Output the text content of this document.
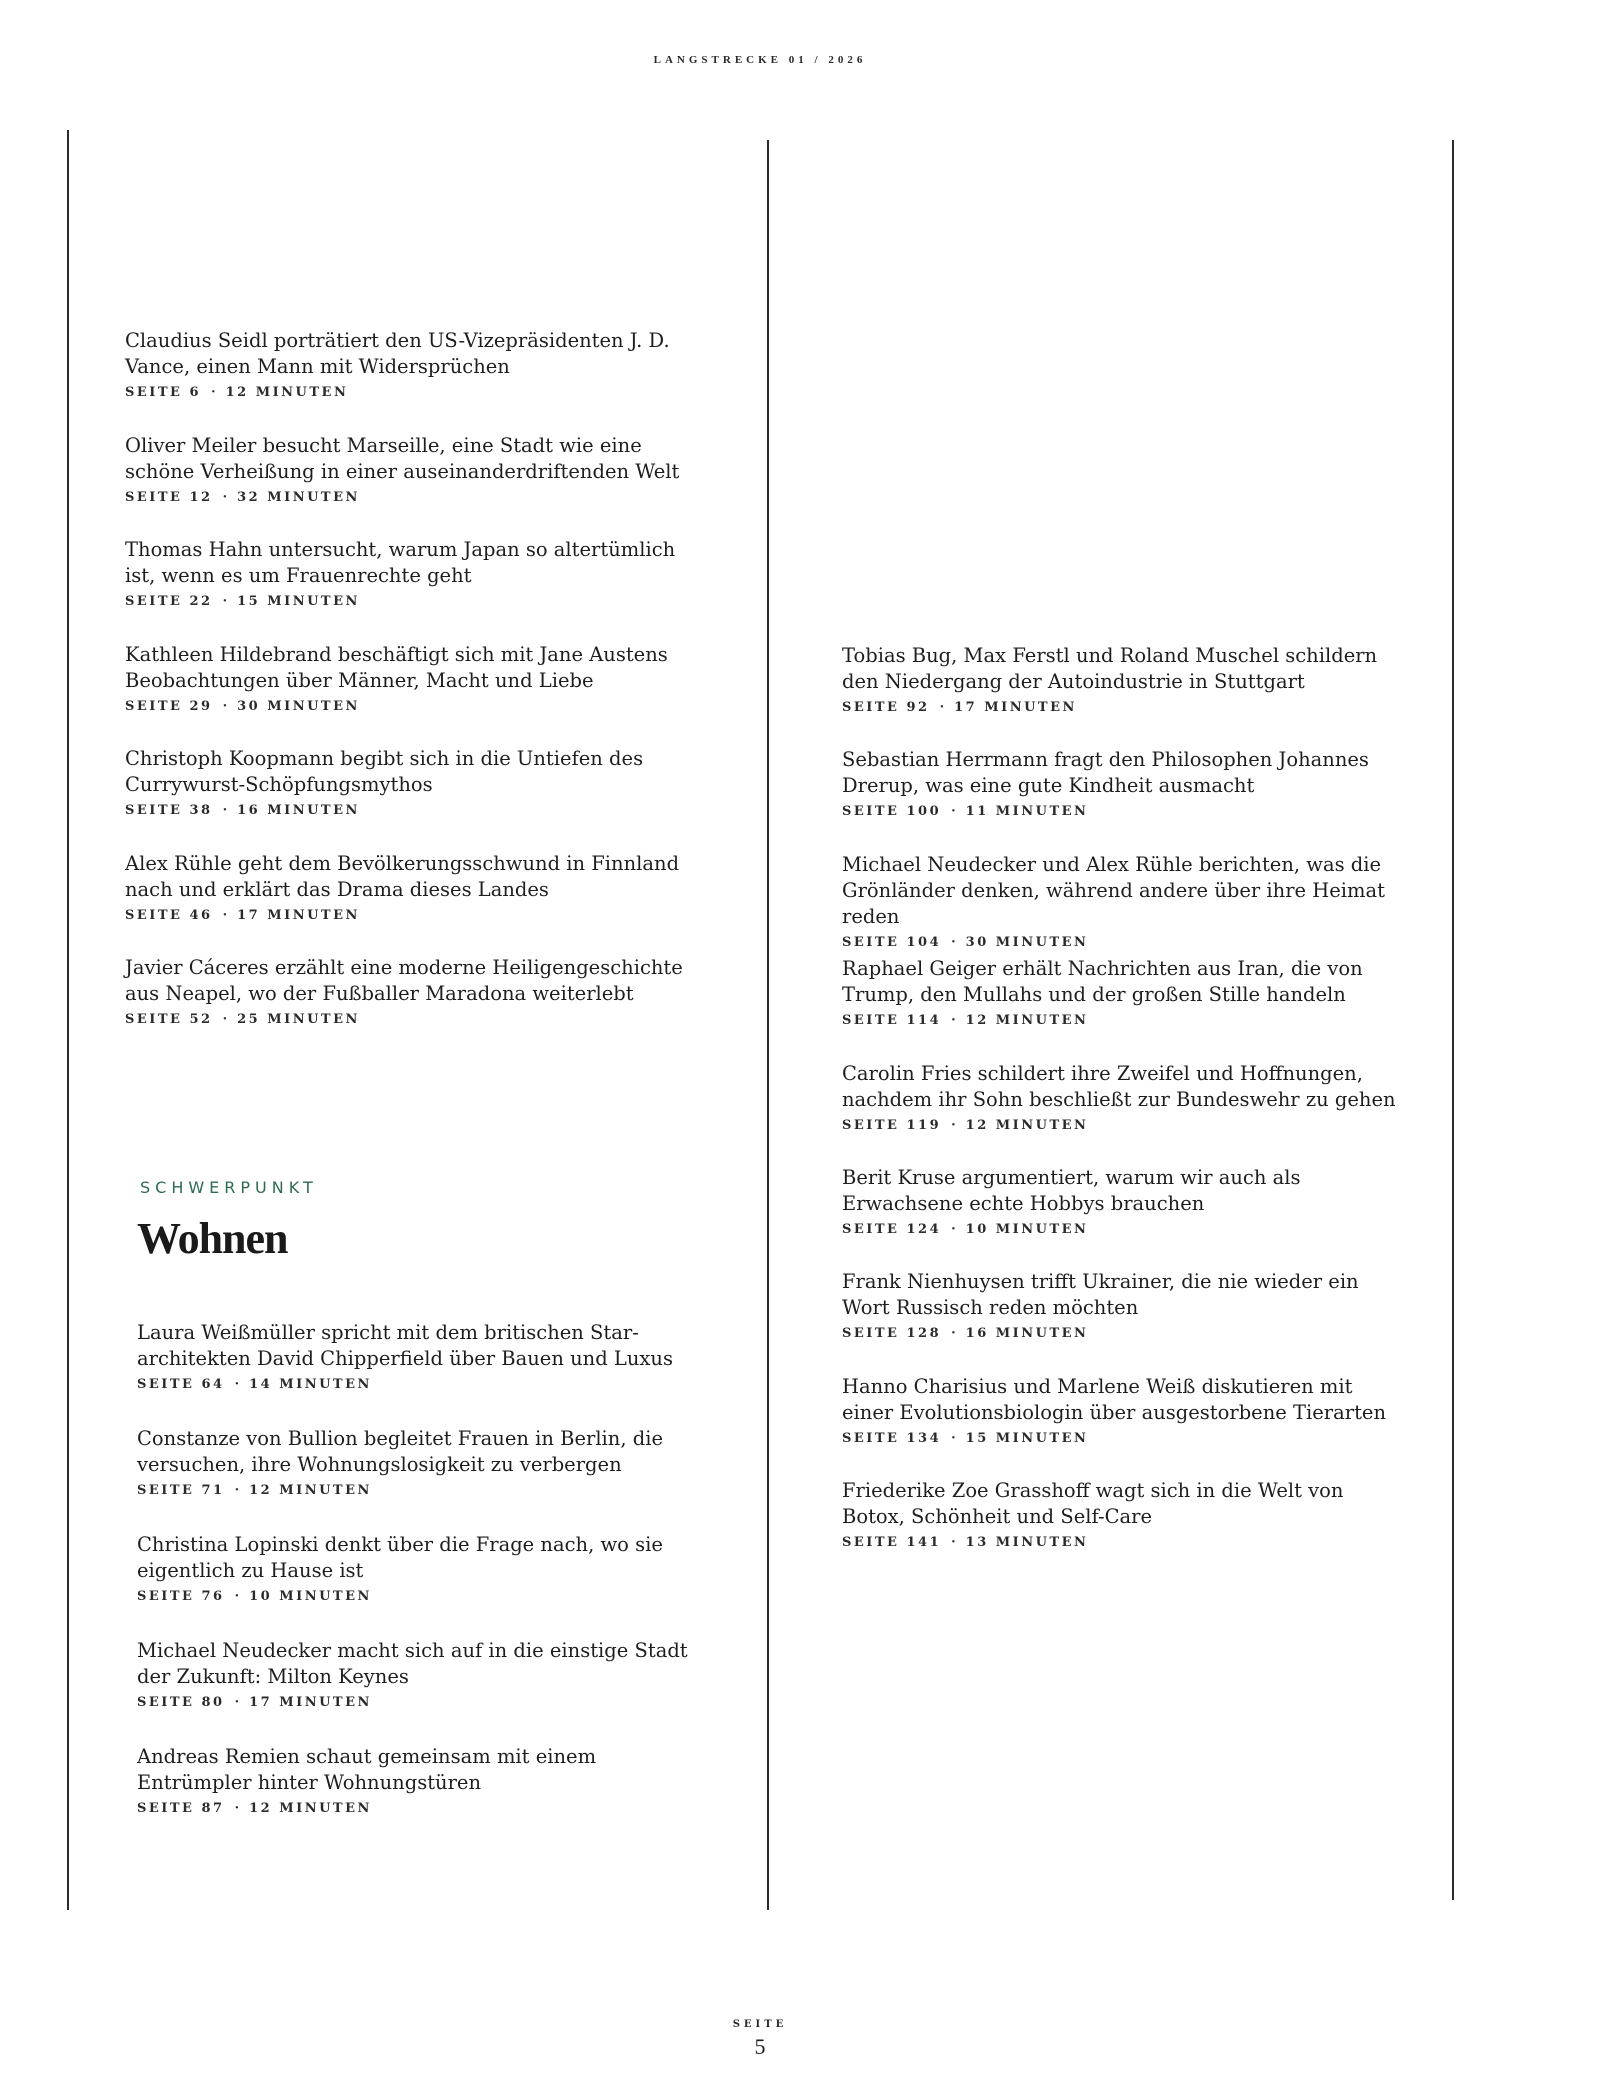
LANGSTRECKE 01 / 2026
Claudius Seidl porträtiert den US-Vizepräsidenten J. D. Vance, einen Mann mit Widersprüchen
SEITE 6 · 12 MINUTEN
Oliver Meiler besucht Marseille, eine Stadt wie eine schöne Verheißung in einer auseinanderdriftenden Welt
SEITE 12 · 32 MINUTEN
Thomas Hahn untersucht, warum Japan so altertümlich ist, wenn es um Frauenrechte geht
SEITE 22 · 15 MINUTEN
Kathleen Hildebrand beschäftigt sich mit Jane Austens Beobachtungen über Männer, Macht und Liebe
SEITE 29 · 30 MINUTEN
Christoph Koopmann begibt sich in die Untiefen des Currywurst-Schöpfungsmythos
SEITE 38 · 16 MINUTEN
Alex Rühle geht dem Bevölkerungsschwund in Finnland nach und erklärt das Drama dieses Landes
SEITE 46 · 17 MINUTEN
Javier Cáceres erzählt eine moderne Heiligengeschichte aus Neapel, wo der Fußballer Maradona weiterlebt
SEITE 52 · 25 MINUTEN
SCHWERPUNKT
Wohnen
Laura Weißmüller spricht mit dem britischen Star-architekten David Chipperfield über Bauen und Luxus
SEITE 64 · 14 MINUTEN
Constanze von Bullion begleitet Frauen in Berlin, die versuchen, ihre Wohnungslosigkeit zu verbergen
SEITE 71 · 12 MINUTEN
Christina Lopinski denkt über die Frage nach, wo sie eigentlich zu Hause ist
SEITE 76 · 10 MINUTEN
Michael Neudecker macht sich auf in die einstige Stadt der Zukunft: Milton Keynes
SEITE 80 · 17 MINUTEN
Andreas Remien schaut gemeinsam mit einem Entrümpler hinter Wohnungstüren
SEITE 87 · 12 MINUTEN
Tobias Bug, Max Ferstl und Roland Muschel schildern den Niedergang der Autoindustrie in Stuttgart
SEITE 92 · 17 MINUTEN
Sebastian Herrmann fragt den Philosophen Johannes Drerup, was eine gute Kindheit ausmacht
SEITE 100 · 11 MINUTEN
Michael Neudecker und Alex Rühle berichten, was die Grönländer denken, während andere über ihre Heimat reden
SEITE 104 · 30 MINUTEN
Raphael Geiger erhält Nachrichten aus Iran, die von Trump, den Mullahs und der großen Stille handeln
SEITE 114 · 12 MINUTEN
Carolin Fries schildert ihre Zweifel und Hoffnungen, nachdem ihr Sohn beschließt zur Bundeswehr zu gehen
SEITE 119 · 12 MINUTEN
Berit Kruse argumentiert, warum wir auch als Erwachsene echte Hobbys brauchen
SEITE 124 · 10 MINUTEN
Frank Nienhuysen trifft Ukrainer, die nie wieder ein Wort Russisch reden möchten
SEITE 128 · 16 MINUTEN
Hanno Charisius und Marlene Weiß diskutieren mit einer Evolutionsbiologin über ausgestorbene Tierarten
SEITE 134 · 15 MINUTEN
Friederike Zoe Grasshoff wagt sich in die Welt von Botox, Schönheit und Self-Care
SEITE 141 · 13 MINUTEN
SEITE
5
